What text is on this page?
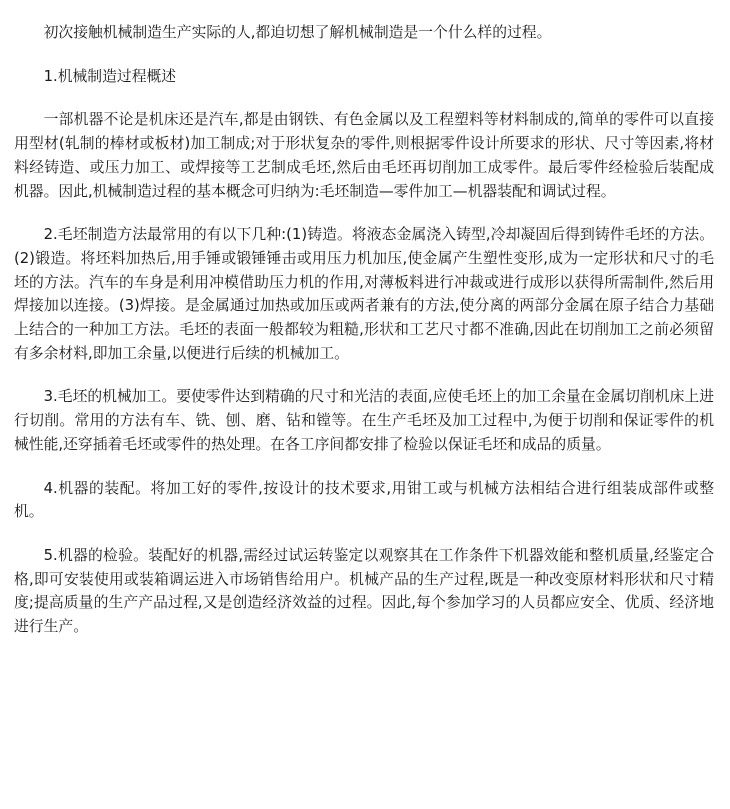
初次接触机械制造生产实际的人,都迫切想了解机械制造是一个什么样的过程。

1.机械制造过程概述

一部机器不论是机床还是汽车,都是由钢铁、有色金属以及工程塑料等材料制成的,简单的零件可以直接用型材(轧制的棒材或板材)加工制成;对于形状复杂的零件,则根据零件设计所要求的形状、尺寸等因素,将材料经铸造、或压力加工、或焊接等工艺制成毛坯,然后由毛坯再切削加工成零件。最后零件经检验后装配成机器。因此,机械制造过程的基本概念可归纳为:毛坯制造—零件加工—机器装配和调试过程。

2.毛坯制造方法最常用的有以下几种:(1)铸造。将液态金属浇入铸型,冷却凝固后得到铸件毛坯的方法。(2)锻造。将坯料加热后,用手锤或锻锤锤击或用压力机加压,使金属产生塑性变形,成为一定形状和尺寸的毛坯的方法。汽车的车身是利用冲模借助压力机的作用,对薄板料进行冲裁或进行成形以获得所需制件,然后用焊接加以连接。(3)焊接。是金属通过加热或加压或两者兼有的方法,使分离的两部分金属在原子结合力基础上结合的一种加工方法。毛坯的表面一般都较为粗糙,形状和工艺尺寸都不准确,因此在切削加工之前必须留有多余材料,即加工余量,以便进行后续的机械加工。

3.毛坯的机械加工。要使零件达到精确的尺寸和光洁的表面,应使毛坯上的加工余量在金属切削机床上进行切削。常用的方法有车、铣、刨、磨、钻和镗等。在生产毛坯及加工过程中,为便于切削和保证零件的机械性能,还穿插着毛坯或零件的热处理。在各工序间都安排了检验以保证毛坯和成品的质量。

4.机器的装配。将加工好的零件,按设计的技术要求,用钳工或与机械方法相结合进行组装成部件或整机。

5.机器的检验。装配好的机器,需经过试运转鉴定以观察其在工作条件下机器效能和整机质量,经鉴定合格,即可安装使用或装箱调运进入市场销售给用户。机械产品的生产过程,既是一种改变原材料形状和尺寸精度;提高质量的生产产品过程,又是创造经济效益的过程。因此,每个参加学习的人员都应安全、优质、经济地进行生产。
